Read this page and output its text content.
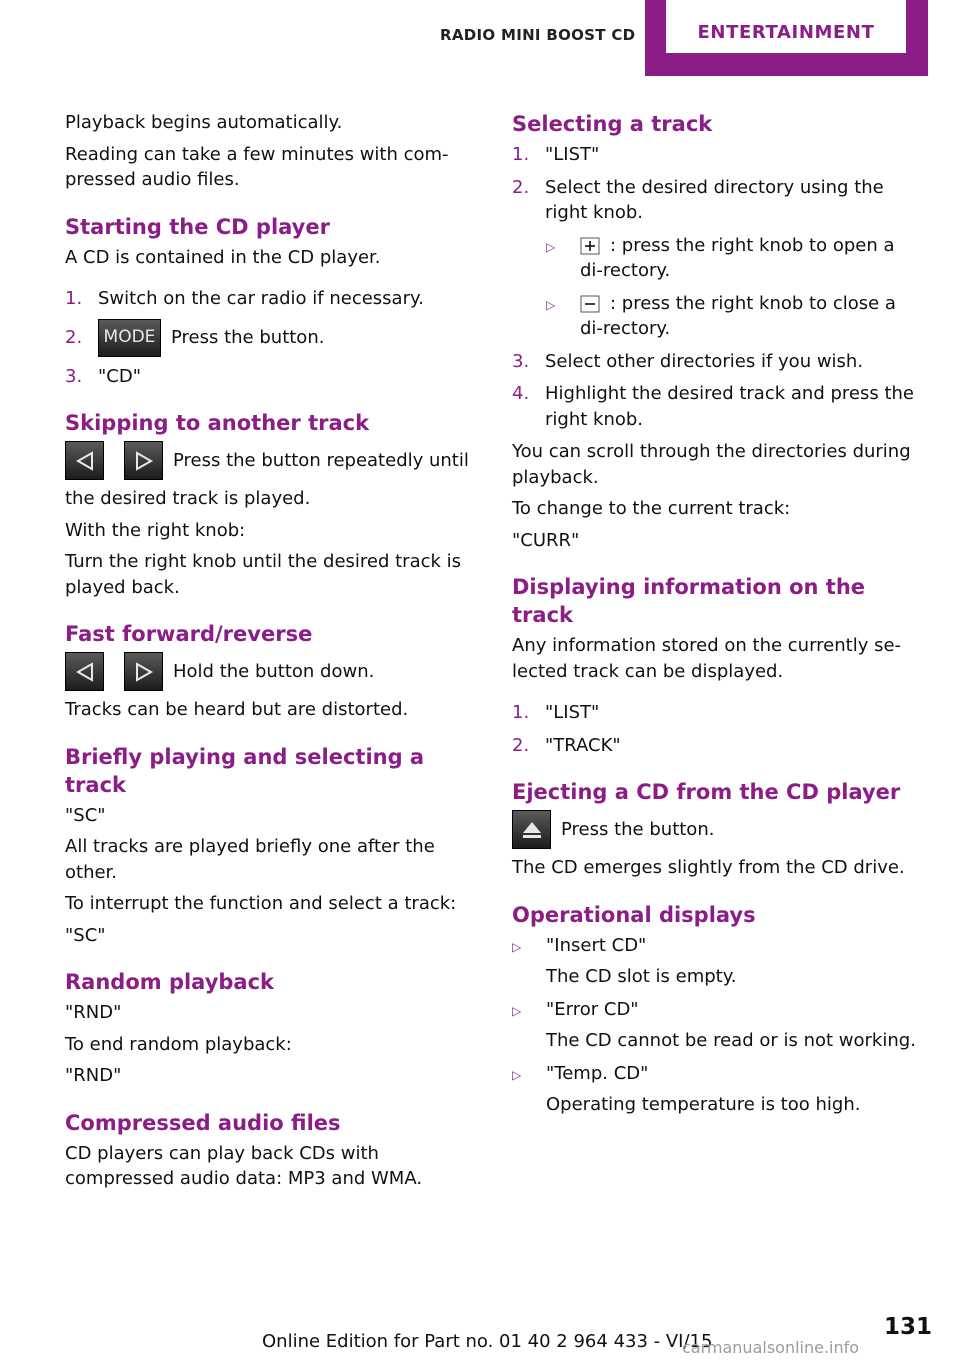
RADIO MINI BOOST CD	ENTERTAINMENT

Playback begins automatically.

Reading can take a few minutes with com-pressed audio files.

Starting the CD player

A CD is contained in the CD player.

1. Switch on the car radio if necessary.
2.	MODE Press the button.
3. "CD"
Skipping to another track
Press the button repeatedly until

the desired track is played.

With the right knob:

Turn the right knob until the desired track is played back.

Fast forward/reverse
Hold the button down.

Tracks can be heard but are distorted.

Briefly playing and selecting a track

"SC"

All tracks are played briefly one after the other.

To interrupt the function and select a track:

"SC"

Random playback

"RND"

To end random playback:

"RND"

Compressed audio files

CD players can play back CDs with compressed audio data: MP3 and WMA.

Selecting a track
1. "LIST"
2. Select the desired directory using the right knob.
▷	: press the right knob to open a di-rectory.
▷	: press the right knob to close a di-rectory.
3. Select other directories if you wish.
4. Highlight the desired track and press the right knob.

You can scroll through the directories during playback.

To change to the current track:

"CURR"

Displaying information on the track

Any information stored on the currently se-lected track can be displayed.

1. "LIST"
2. "TRACK"
Ejecting a CD from the CD player
Press the button.

The CD emerges slightly from the CD drive.

Operational displays
▷	"Insert CD"
The CD slot is empty.
▷	"Error CD"
The CD cannot be read or is not working.
▷	"Temp. CD"
Operating temperature is too high.
131
Online Edition for Part no. 01 40 2 964 433 - VI/15
carmanualsonline.info
